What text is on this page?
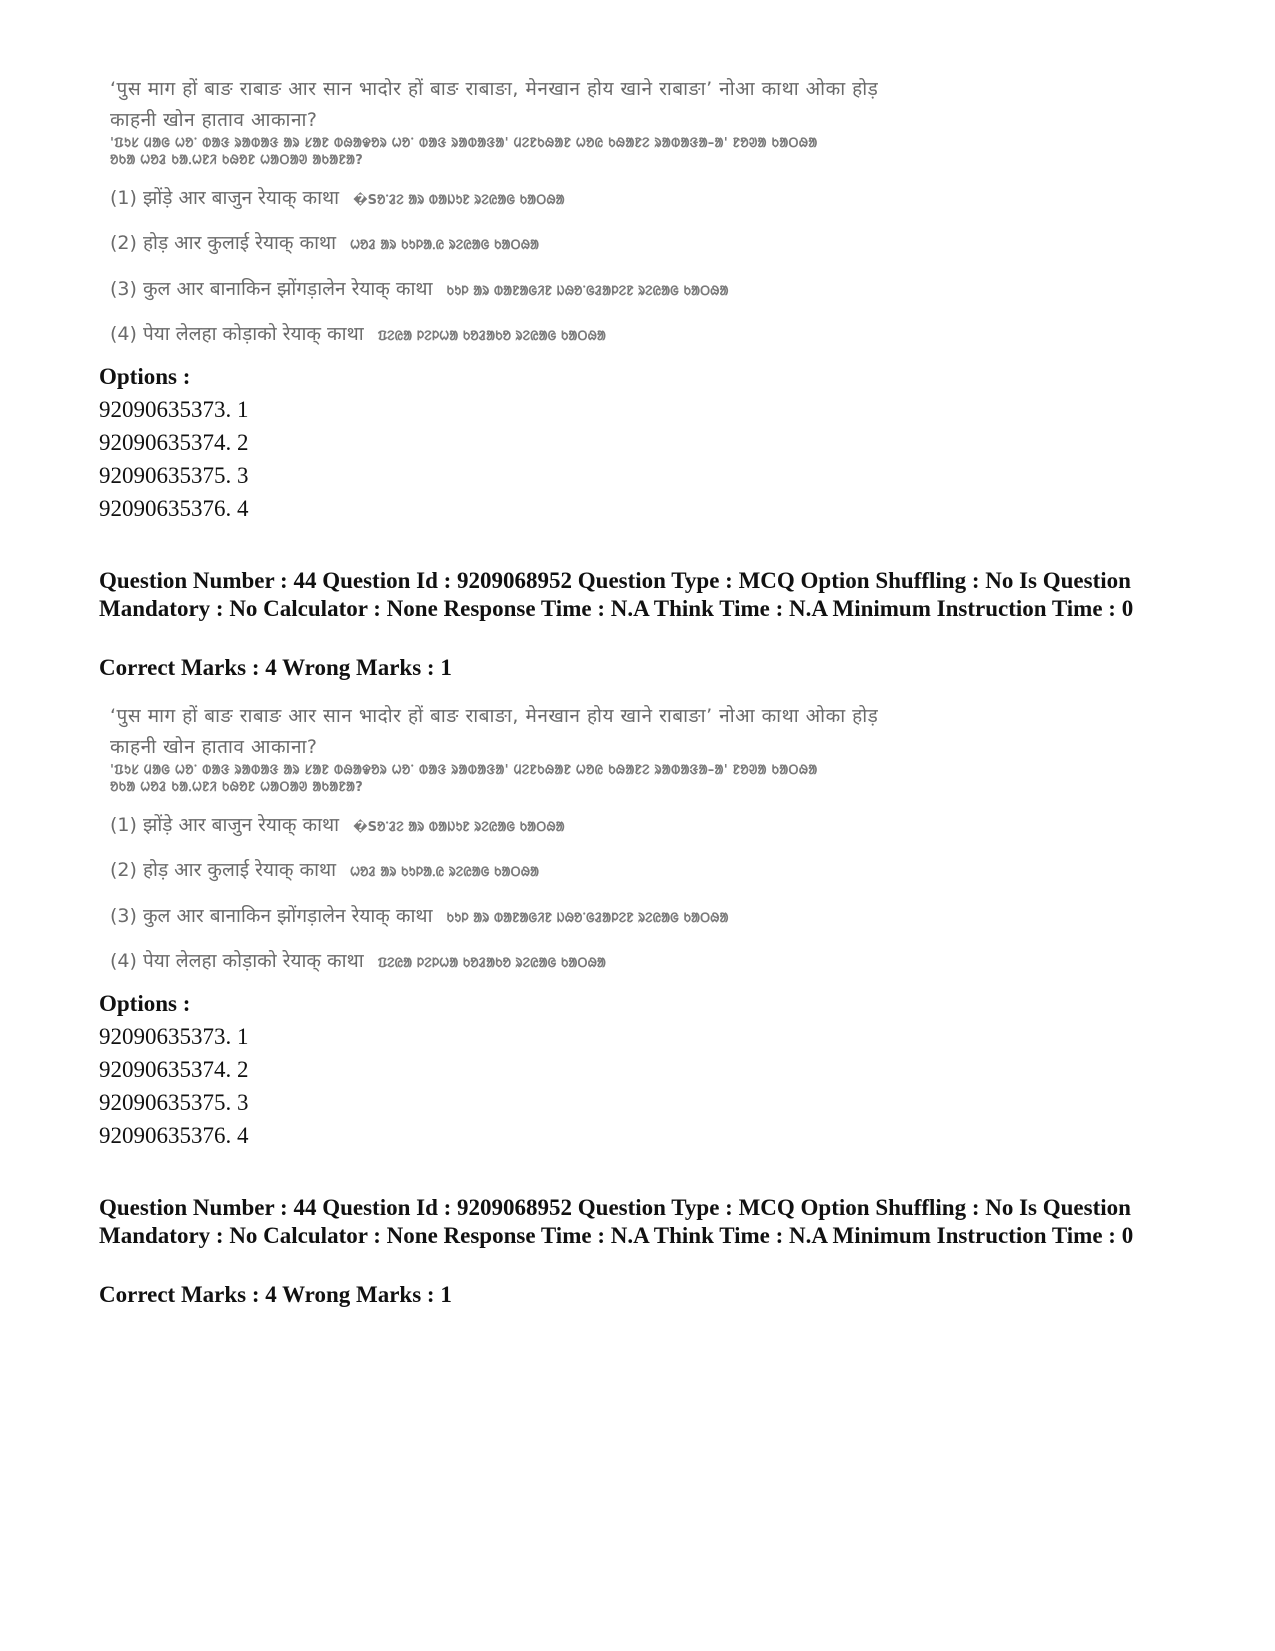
‘पुस माग हों बाङ राबाङ आर सान भादोर हों बाङ राबाङा, मेनखान होय खाने राबाङा’ नोआ काथा ओका होड़
काहनी खोन हाताव आकाना?
'ᱯᱩᱥ ᱢᱟᱜ ᱦᱚᱸ ᱵᱟᱝ ᱨᱟᱵᱟᱝ ᱟᱨ ᱥᱟᱱ ᱵᱷᱟᱫᱚᱨ ᱦᱚᱸ ᱵᱟᱝ ᱨᱟᱵᱟᱝᱟ' ᱢᱮᱱᱠᱷᱟᱱ ᱦᱚᱭ ᱠᱷᱟᱱᱮ ᱨᱟᱵᱟᱝᱟ–ᱟ' ᱱᱚᱣᱟ ᱠᱟᱛᱷᱟ
ᱚᱠᱟ ᱦᱚᱲ ᱠᱟᱹᱦᱱᱤ ᱠᱷᱚᱱ ᱦᱟᱛᱟᱣ ᱟᱠᱟᱱᱟ?
(1) झोंड़े आर बाजुन रेयाक् काथा �Sᱚᱸᱲᱮ ᱟᱨ ᱵᱟᱡᱩᱱ ᱨᱮᱭᱟᱜ ᱠᱟᱛᱷᱟ
(2) होड़ आर कुलाई रेयाक् काथा ᱦᱚᱲ ᱟᱨ ᱠᱩᱞᱟᱹᱭ ᱨᱮᱭᱟᱜ ᱠᱟᱛᱷᱟ
(3) कुल आर बानाकिन झोंगड़ालेन रेयाक् काथा ᱠᱩᱞ ᱟᱨ ᱵᱟᱱᱟᱜᱤᱱ ᱡᱷᱚᱸᱜᱲᱟᱞᱮᱱ ᱨᱮᱭᱟᱜ ᱠᱟᱛᱷᱟ
(4) पेया लेलहा कोड़ाको रेयाक् काथा ᱯᱮᱭᱟ ᱞᱮᱞᱦᱟ ᱠᱚᱲᱟᱠᱚ ᱨᱮᱭᱟᱜ ᱠᱟᱛᱷᱟ
Options :
92090635373. 1
92090635374. 2
92090635375. 3
92090635376. 4
Question Number : 44 Question Id : 9209068952 Question Type : MCQ Option Shuffling : No Is Question Mandatory : No Calculator : None Response Time : N.A Think Time : N.A Minimum Instruction Time : 0
Correct Marks : 4 Wrong Marks : 1
‘पुस माग हों बाङ राबाङ आर सान भादोर हों बाङ राबाङा, मेनखान होय खाने राबाङा’ नोआ काथा ओका होड़
काहनी खोन हाताव आकाना?
'ᱯᱩᱥ ᱢᱟᱜ ᱦᱚᱸ ᱵᱟᱝ ᱨᱟᱵᱟᱝ ᱟᱨ ᱥᱟᱱ ᱵᱷᱟᱫᱚᱨ ᱦᱚᱸ ᱵᱟᱝ ᱨᱟᱵᱟᱝᱟ' ᱢᱮᱱᱠᱷᱟᱱ ᱦᱚᱭ ᱠᱷᱟᱱᱮ ᱨᱟᱵᱟᱝᱟ–ᱟ' ᱱᱚᱣᱟ ᱠᱟᱛᱷᱟ
ᱚᱠᱟ ᱦᱚᱲ ᱠᱟᱹᱦᱱᱤ ᱠᱷᱚᱱ ᱦᱟᱛᱟᱣ ᱟᱠᱟᱱᱟ?
(1) झोंड़े आर बाजुन रेयाक् काथा �Sᱚᱸᱲᱮ ᱟᱨ ᱵᱟᱡᱩᱱ ᱨᱮᱭᱟᱜ ᱠᱟᱛᱷᱟ
(2) होड़ आर कुलाई रेयाक् काथा ᱦᱚᱲ ᱟᱨ ᱠᱩᱞᱟᱹᱭ ᱨᱮᱭᱟᱜ ᱠᱟᱛᱷᱟ
(3) कुल आर बानाकिन झोंगड़ालेन रेयाक् काथा ᱠᱩᱞ ᱟᱨ ᱵᱟᱱᱟᱜᱤᱱ ᱡᱷᱚᱸᱜᱲᱟᱞᱮᱱ ᱨᱮᱭᱟᱜ ᱠᱟᱛᱷᱟ
(4) पेया लेलहा कोड़ाको रेयाक् काथा ᱯᱮᱭᱟ ᱞᱮᱞᱦᱟ ᱠᱚᱲᱟᱠᱚ ᱨᱮᱭᱟᱜ ᱠᱟᱛᱷᱟ
Options :
92090635373. 1
92090635374. 2
92090635375. 3
92090635376. 4
Question Number : 44 Question Id : 9209068952 Question Type : MCQ Option Shuffling : No Is Question Mandatory : No Calculator : None Response Time : N.A Think Time : N.A Minimum Instruction Time : 0
Correct Marks : 4 Wrong Marks : 1
